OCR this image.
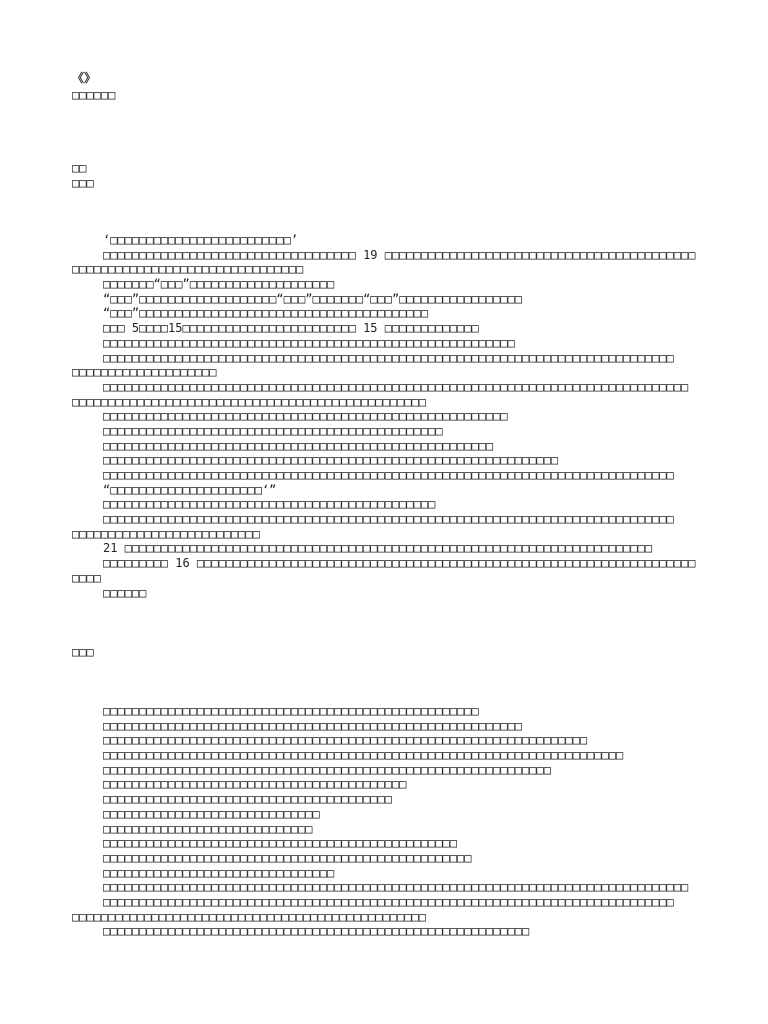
《》
□□□□□□
□□
□□□
‘□□□□□□□□□□□□□□□□□□□□□□□□□’
□□□□□□□□□□□□□□□□□□□□□□□□□□□□□□□□□□□ 19 □□□□□□□□□□□□□□□□□□□□□□□□□□□□□□□□□□□□□□□□□□□
□□□□□□□□□□□□□□□□□□□□□□□□□□□□□□□□
□□□□□□□“□□□”□□□□□□□□□□□□□□□□□□□□
“□□□”□□□□□□□□□□□□□□□□□□□“□□□”□□□□□□□“□□□”□□□□□□□□□□□□□□□□□
“□□□”□□□□□□□□□□□□□□□□□□□□□□□□□□□□□□□□□□□□□□□□
□□□ 5□□□□15□□□□□□□□□□□□□□□□□□□□□□□□ 15 □□□□□□□□□□□□□
□□□□□□□□□□□□□□□□□□□□□□□□□□□□□□□□□□□□□□□□□□□□□□□□□□□□□□□□□
□□□□□□□□□□□□□□□□□□□□□□□□□□□□□□□□□□□□□□□□□□□□□□□□□□□□□□□□□□□□□□□□□□□□□□□□□□□□□□□
□□□□□□□□□□□□□□□□□□□□
□□□□□□□□□□□□□□□□□□□□□□□□□□□□□□□□□□□□□□□□□□□□□□□□□□□□□□□□□□□□□□□□□□□□□□□□□□□□□□□□□
□□□□□□□□□□□□□□□□□□□□□□□□□□□□□□□□□□□□□□□□□□□□□□□□□
□□□□□□□□□□□□□□□□□□□□□□□□□□□□□□□□□□□□□□□□□□□□□□□□□□□□□□□□
□□□□□□□□□□□□□□□□□□□□□□□□□□□□□□□□□□□□□□□□□□□□□□□
□□□□□□□□□□□□□□□□□□□□□□□□□□□□□□□□□□□□□□□□□□□□□□□□□□□□□□
□□□□□□□□□□□□□□□□□□□□□□□□□□□□□□□□□□□□□□□□□□□□□□□□□□□□□□□□□□□□□□□
□□□□□□□□□□□□□□□□□□□□□□□□□□□□□□□□□□□□□□□□□□□□□□□□□□□□□□□□□□□□□□□□□□□□□□□□□□□□□□□
“□□□□□□□□□□□□□□□□□□□□□‘”
□□□□□□□□□□□□□□□□□□□□□□□□□□□□□□□□□□□□□□□□□□□□□□
□□□□□□□□□□□□□□□□□□□□□□□□□□□□□□□□□□□□□□□□□□□□□□□□□□□□□□□□□□□□□□□□□□□□□□□□□□□□□□□
□□□□□□□□□□□□□□□□□□□□□□□□□□
21 □□□□□□□□□□□□□□□□□□□□□□□□□□□□□□□□□□□□□□□□□□□□□□□□□□□□□□□□□□□□□□□□□□□□□□□□□
□□□□□□□□□ 16 □□□□□□□□□□□□□□□□□□□□□□□□□□□□□□□□□□□□□□□□□□□□□□□□□□□□□□□□□□□□□□□□□□□□□
□□□□
□□□□□□
□□□
□□□□□□□□□□□□□□□□□□□□□□□□□□□□□□□□□□□□□□□□□□□□□□□□□□□□
□□□□□□□□□□□□□□□□□□□□□□□□□□□□□□□□□□□□□□□□□□□□□□□□□□□□□□□□□□
□□□□□□□□□□□□□□□□□□□□□□□□□□□□□□□□□□□□□□□□□□□□□□□□□□□□□□□□□□□□□□□□□□□
□□□□□□□□□□□□□□□□□□□□□□□□□□□□□□□□□□□□□□□□□□□□□□□□□□□□□□□□□□□□□□□□□□□□□□□□
□□□□□□□□□□□□□□□□□□□□□□□□□□□□□□□□□□□□□□□□□□□□□□□□□□□□□□□□□□□□□□
□□□□□□□□□□□□□□□□□□□□□□□□□□□□□□□□□□□□□□□□□□
□□□□□□□□□□□□□□□□□□□□□□□□□□□□□□□□□□□□□□□□
□□□□□□□□□□□□□□□□□□□□□□□□□□□□□□
□□□□□□□□□□□□□□□□□□□□□□□□□□□□□
□□□□□□□□□□□□□□□□□□□□□□□□□□□□□□□□□□□□□□□□□□□□□□□□□
□□□□□□□□□□□□□□□□□□□□□□□□□□□□□□□□□□□□□□□□□□□□□□□□□□□
□□□□□□□□□□□□□□□□□□□□□□□□□□□□□□□□
□□□□□□□□□□□□□□□□□□□□□□□□□□□□□□□□□□□□□□□□□□□□□□□□□□□□□□□□□□□□□□□□□□□□□□□□□□□□□□□□□
□□□□□□□□□□□□□□□□□□□□□□□□□□□□□□□□□□□□□□□□□□□□□□□□□□□□□□□□□□□□□□□□□□□□□□□□□□□□□□□
□□□□□□□□□□□□□□□□□□□□□□□□□□□□□□□□□□□□□□□□□□□□□□□□□
□□□□□□□□□□□□□□□□□□□□□□□□□□□□□□□□□□□□□□□□□□□□□□□□□□□□□□□□□□□
